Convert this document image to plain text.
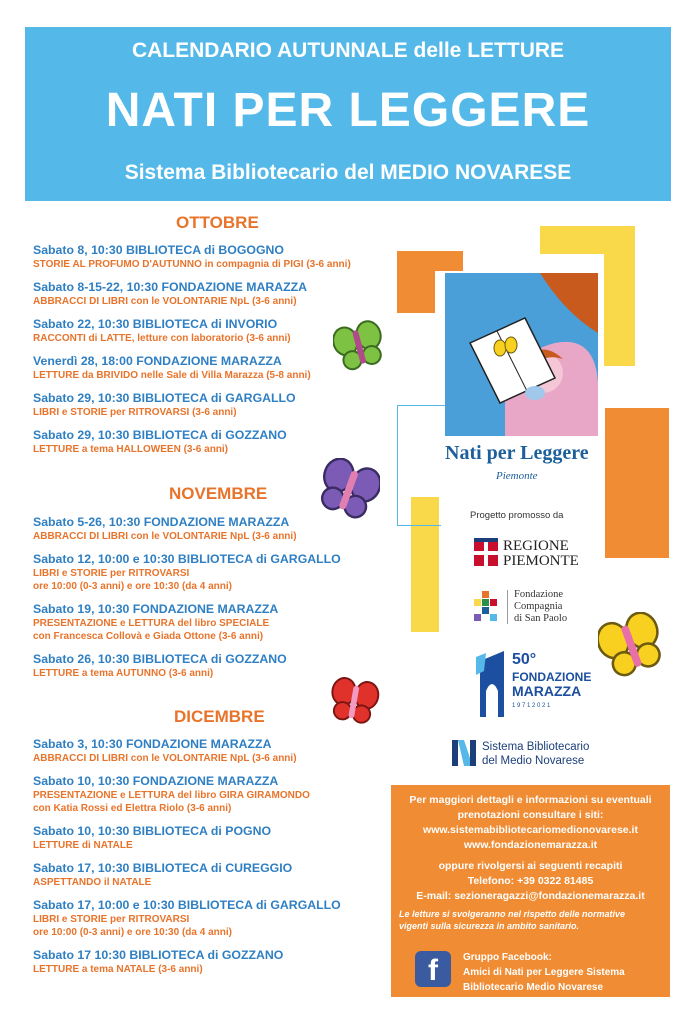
CALENDARIO AUTUNNALE delle LETTURE
NATI PER LEGGERE
Sistema Bibliotecario del MEDIO NOVARESE
OTTOBRE
Sabato 8, 10:30 BIBLIOTECA di BOGOGNO
STORIE AL PROFUMO D'AUTUNNO in compagnia di PIGI (3-6 anni)
Sabato 8-15-22, 10:30 FONDAZIONE MARAZZA
ABBRACCI DI LIBRI con le VOLONTARIE NpL (3-6 anni)
Sabato 22, 10:30 BIBLIOTECA di INVORIO
RACCONTI di LATTE, letture con laboratorio (3-6 anni)
Venerdì 28, 18:00 FONDAZIONE MARAZZA
LETTURE da BRIVIDO nelle Sale di Villa Marazza (5-8 anni)
Sabato 29, 10:30 BIBLIOTECA di GARGALLO
LIBRI e STORIE per RITROVARSI (3-6 anni)
Sabato 29, 10:30 BIBLIOTECA di GOZZANO
LETTURE a tema HALLOWEEN (3-6 anni)
NOVEMBRE
Sabato 5-26, 10:30 FONDAZIONE MARAZZA
ABBRACCI DI LIBRI con le VOLONTARIE NpL (3-6 anni)
Sabato 12, 10:00 e 10:30 BIBLIOTECA di GARGALLO
LIBRI e STORIE per RITROVARSI
ore 10:00 (0-3 anni) e ore 10:30 (da 4 anni)
Sabato 19, 10:30 FONDAZIONE MARAZZA
PRESENTAZIONE e LETTURA del libro SPECIALE
con Francesca Collovà e Giada Ottone (3-6 anni)
Sabato 26, 10:30 BIBLIOTECA di GOZZANO
LETTURE a tema AUTUNNO (3-6 anni)
DICEMBRE
Sabato 3, 10:30 FONDAZIONE MARAZZA
ABBRACCI DI LIBRI con le VOLONTARIE NpL (3-6 anni)
Sabato 10, 10:30 FONDAZIONE MARAZZA
PRESENTAZIONE e LETTURA del libro GIRA GIRAMONDO
con Katia Rossi ed Elettra Riolo (3-6 anni)
Sabato 10, 10:30 BIBLIOTECA di POGNO
LETTURE di NATALE
Sabato 17, 10:30 BIBLIOTECA di CUREGGIO
ASPETTANDO il NATALE
Sabato 17, 10:00 e 10:30 BIBLIOTECA di GARGALLO
LIBRI e STORIE per RITROVARSI
ore 10:00 (0-3 anni) e ore 10:30 (da 4 anni)
Sabato 17 10:30 BIBLIOTECA di GOZZANO
LETTURE a tema NATALE (3-6 anni)
Nati per Leggere
Piemonte
Progetto promosso da
REGIONE
PIEMONTE
Fondazione
Compagnia
di San Paolo
50°
FONDAZIONE
MARAZZA
1 9 7 1 2 0 2 1
Sistema Bibliotecario
del Medio Novarese
Per maggiori dettagli e informazioni su eventuali
prenotazioni consultare i siti:
www.sistemabibliotecariomedionovarese.it
www.fondazionemarazza.it
oppure rivolgersi ai seguenti recapiti
Telefono: +39 0322 81485
E-mail: sezioneragazzi@fondazionemarazza.it
Le letture si svolgeranno nel rispetto delle normative
vigenti sulla sicurezza in ambito sanitario.
f	Gruppo Facebook:
Amici di Nati per Leggere Sistema
Bibliotecario Medio Novarese
